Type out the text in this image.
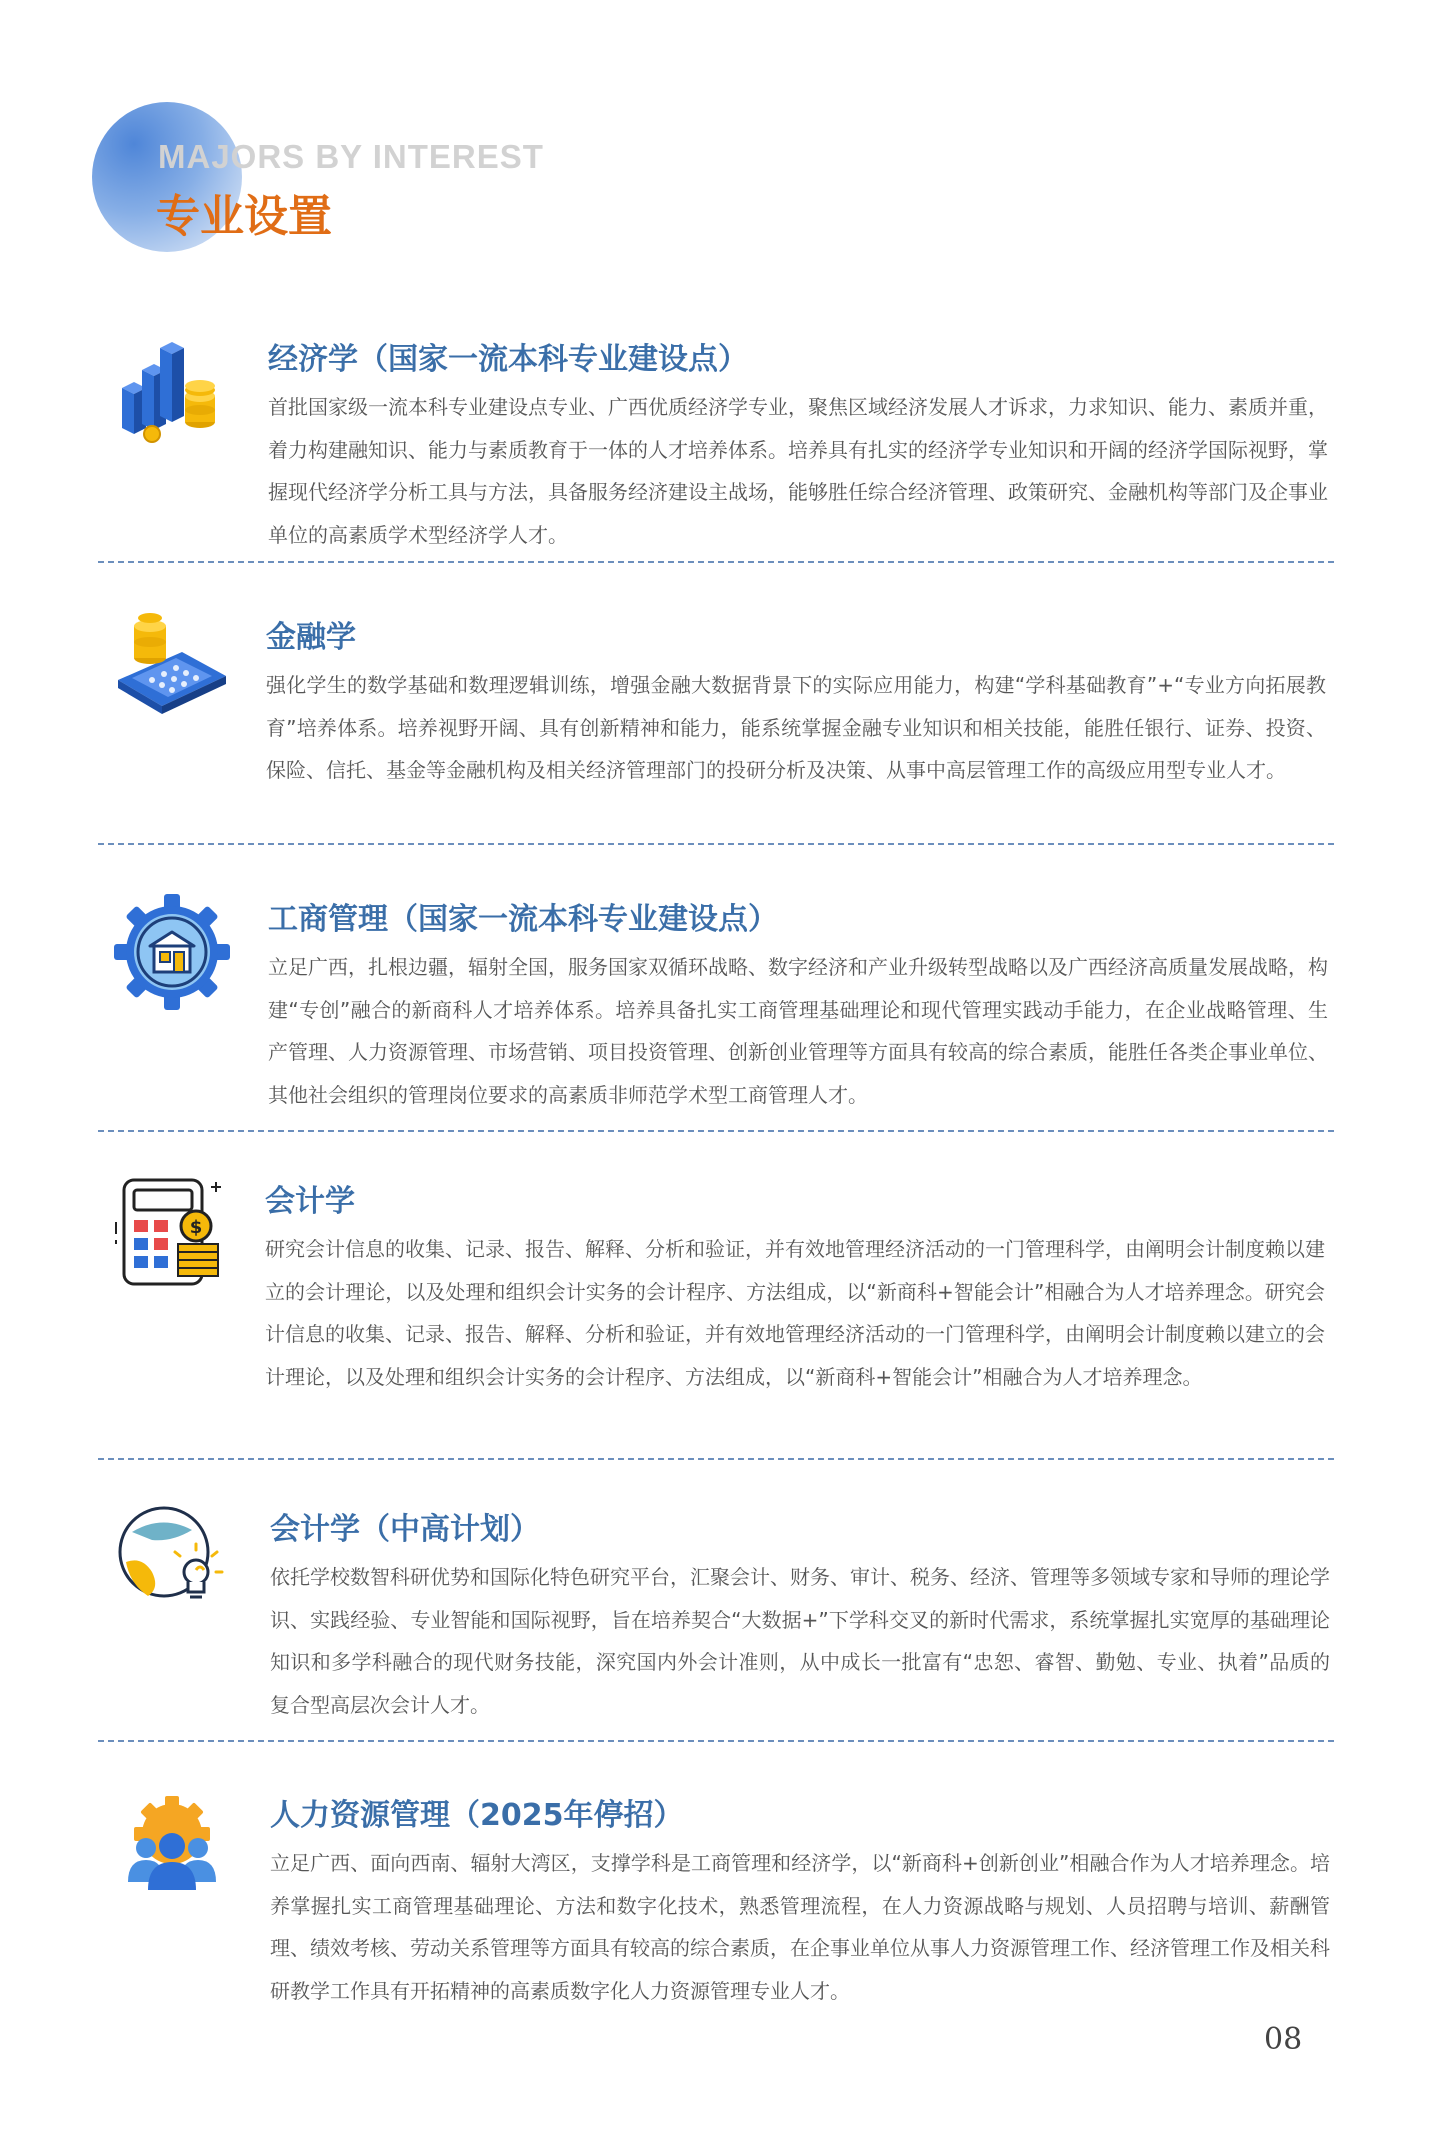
MAJORS BY INTEREST
专业设置
经济学（国家一流本科专业建设点）

首批国家级一流本科专业建设点专业、广西优质经济学专业，聚焦区域经济发展人才诉求，力求知识、能力、素质并重，着力构建融知识、能力与素质教育于一体的人才培养体系。培养具有扎实的经济学专业知识和开阔的经济学国际视野，掌握现代经济学分析工具与方法，具备服务经济建设主战场，能够胜任综合经济管理、政策研究、金融机构等部门及企事业单位的高素质学术型经济学人才。

金融学

强化学生的数学基础和数理逻辑训练，增强金融大数据背景下的实际应用能力，构建“学科基础教育”+“专业方向拓展教育”培养体系。培养视野开阔、具有创新精神和能力，能系统掌握金融专业知识和相关技能，能胜任银行、证券、投资、保险、信托、基金等金融机构及相关经济管理部门的投研分析及决策、从事中高层管理工作的高级应用型专业人才。

工商管理（国家一流本科专业建设点）

立足广西，扎根边疆，辐射全国，服务国家双循环战略、数字经济和产业升级转型战略以及广西经济高质量发展战略，构建“专创”融合的新商科人才培养体系。培养具备扎实工商管理基础理论和现代管理实践动手能力，在企业战略管理、生产管理、人力资源管理、市场营销、项目投资管理、创新创业管理等方面具有较高的综合素质，能胜任各类企事业单位、其他社会组织的管理岗位要求的高素质非师范学术型工商管理人才。

$
会计学

研究会计信息的收集、记录、报告、解释、分析和验证，并有效地管理经济活动的一门管理科学，由阐明会计制度赖以建立的会计理论，以及处理和组织会计实务的会计程序、方法组成，以“新商科+智能会计”相融合为人才培养理念。研究会计信息的收集、记录、报告、解释、分析和验证，并有效地管理经济活动的一门管理科学，由阐明会计制度赖以建立的会计理论，以及处理和组织会计实务的会计程序、方法组成，以“新商科+智能会计”相融合为人才培养理念。

会计学（中高计划）

依托学校数智科研优势和国际化特色研究平台，汇聚会计、财务、审计、税务、经济、管理等多领域专家和导师的理论学识、实践经验、专业智能和国际视野，旨在培养契合“大数据+”下学科交叉的新时代需求，系统掌握扎实宽厚的基础理论知识和多学科融合的现代财务技能，深究国内外会计准则，从中成长一批富有“忠恕、睿智、勤勉、专业、执着”品质的复合型高层次会计人才。

人力资源管理（2025年停招）

立足广西、面向西南、辐射大湾区，支撑学科是工商管理和经济学，以“新商科+创新创业”相融合作为人才培养理念。培养掌握扎实工商管理基础理论、方法和数字化技术，熟悉管理流程，在人力资源战略与规划、人员招聘与培训、薪酬管理、绩效考核、劳动关系管理等方面具有较高的综合素质，在企事业单位从事人力资源管理工作、经济管理工作及相关科研教学工作具有开拓精神的高素质数字化人力资源管理专业人才。

08
